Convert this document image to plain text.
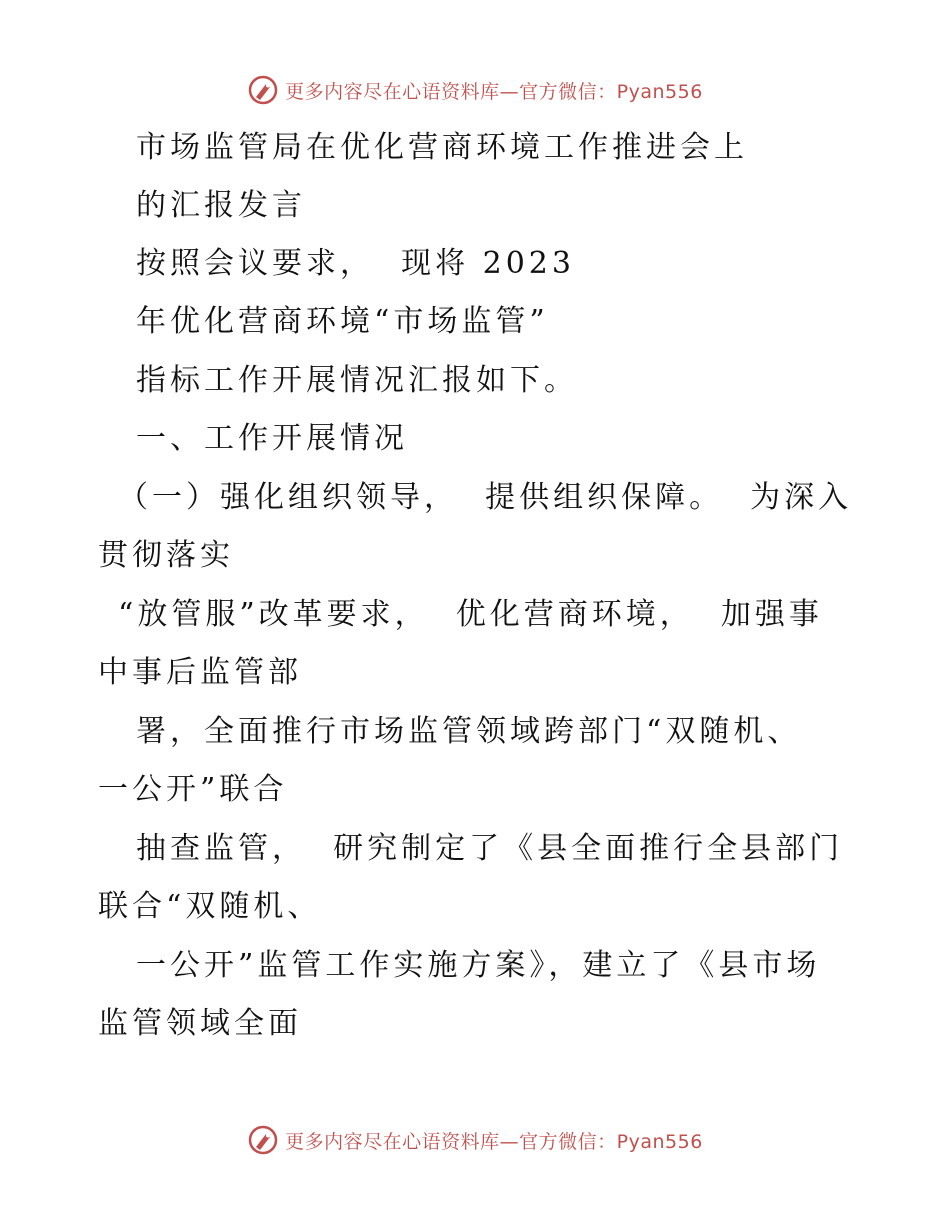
更多内容尽在心语资料库—官方微信：Pyan556
市场监管局在优化营商环境工作推进会上
的汇报发言
按照会议要求，  现将 2023
年优化营商环境“市场监管”
指标工作开展情况汇报如下。
一、工作开展情况
（一）强化组织领导，  提供组织保障。  为深入
贯彻落实
“放管服”改革要求，  优化营商环境，  加强事
中事后监管部
署，全面推行市场监管领域跨部门“双随机、
一公开”联合
抽查监管，  研究制定了《县全面推行全县部门
联合“双随机、
一公开”监管工作实施方案》，建立了《县市场
监管领域全面
更多内容尽在心语资料库—官方微信：Pyan556
